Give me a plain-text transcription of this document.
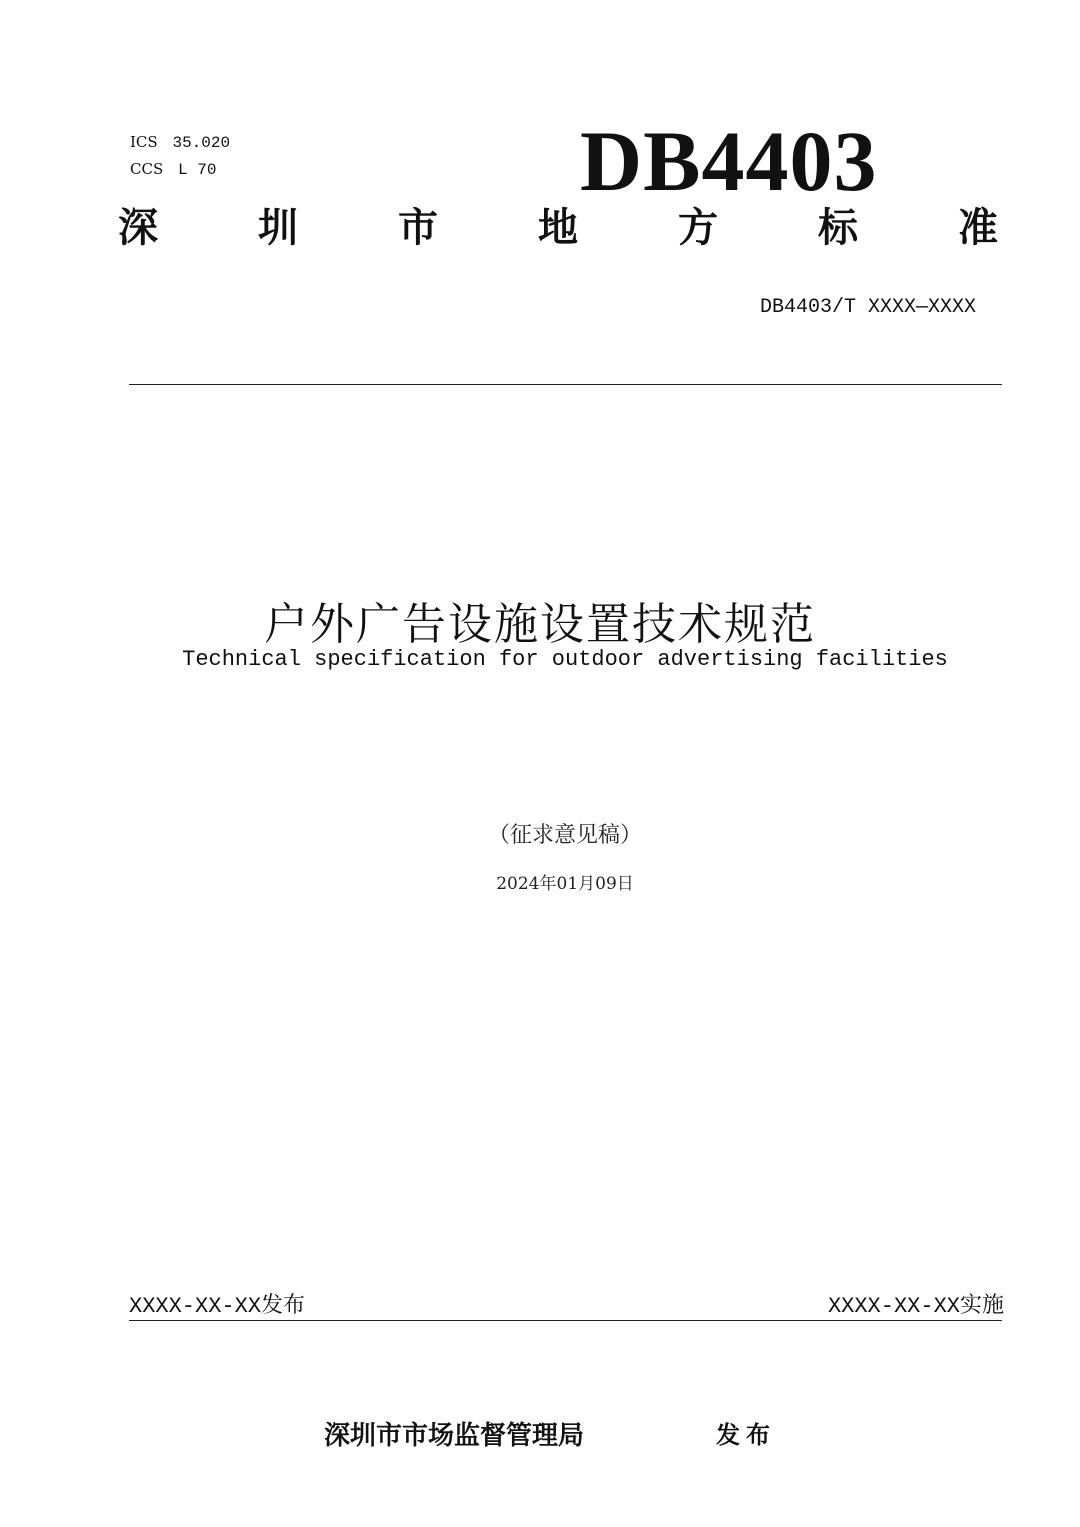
ICS 35.020
CCS L 70	DB4403
深	圳	市	地	方	标	准
DB4403/T XXXX—XXXX
户外广告设施设置技术规范
Technical specification for outdoor advertising facilities
（征求意见稿）
2024年01月09日
XXXX-XX-XX发布	XXXX-XX-XX实施
深圳市市场监督管理局	发布
